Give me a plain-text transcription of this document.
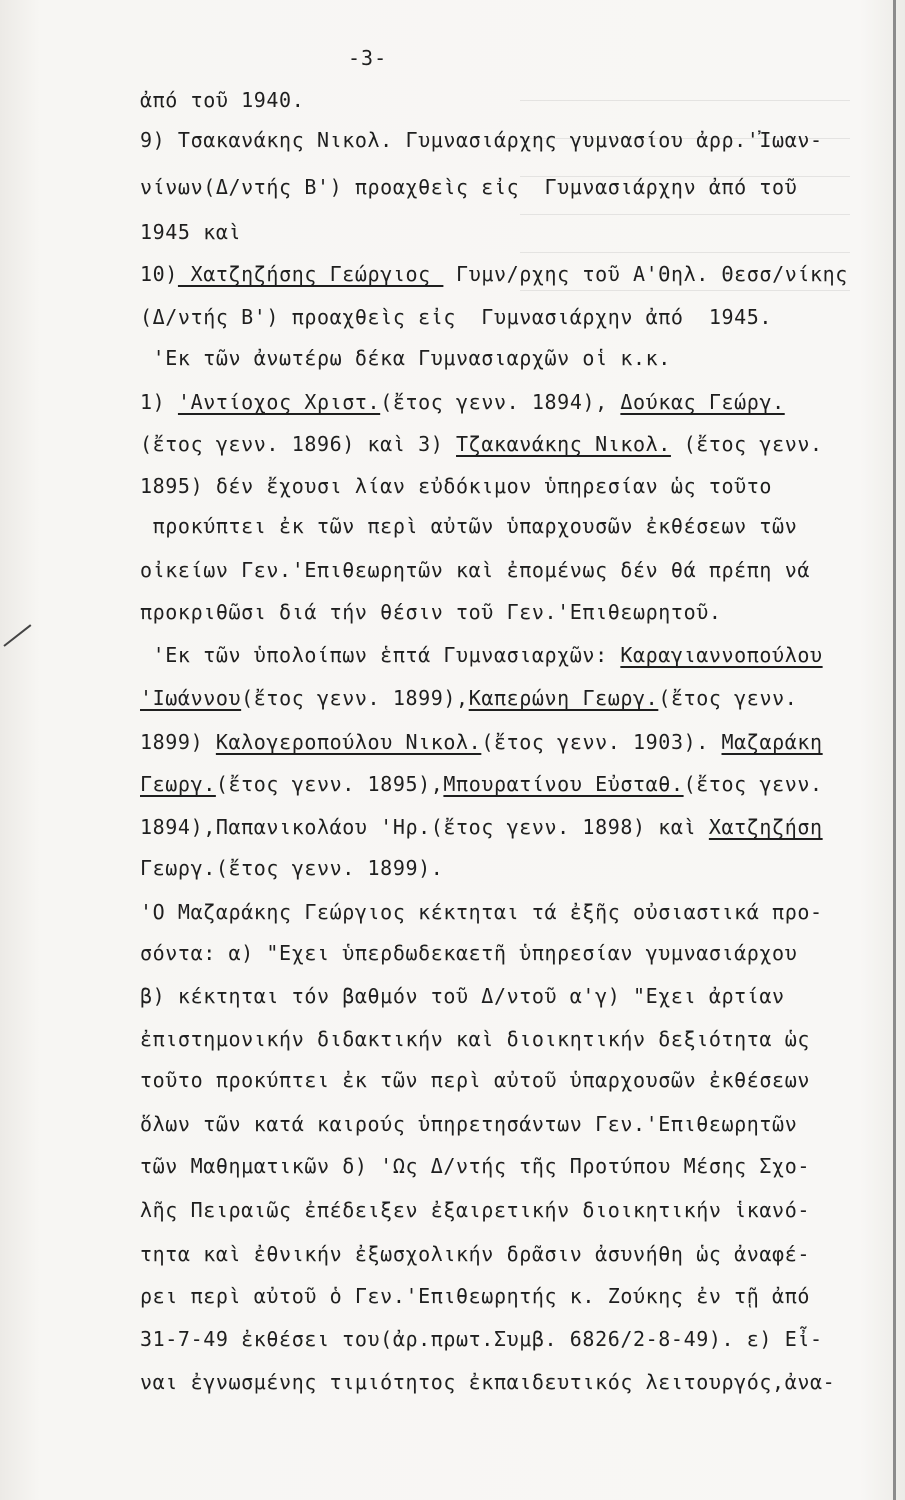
-3-
ἀπό τοῦ 1940.
9) Τσακανάκης Νικολ. Γυμνασιάρχης γυμνασίου ἀρρ.'Ἰωαν-
νίνων(Δ/ντής Β') προαχθεὶς εἰς  Γυμνασιάρχην ἀπό τοῦ
1945 καὶ
10) Χατζηζήσης Γεώργιος  Γυμν/ρχης τοῦ Α'Θηλ. Θεσσ/νίκης
(Δ/ντής Β') προαχθεὶς εἰς  Γυμνασιάρχην ἀπό  1945.
'Εκ τῶν ἀνωτέρω δέκα Γυμνασιαρχῶν οἱ κ.κ.
1) 'Αντίοχος Χριστ.(ἔτος γενν. 1894), Δούκας Γεώργ.
(ἔτος γενν. 1896) καὶ 3) Τζακανάκης Νικολ. (ἔτος γενν.
1895) δέν ἔχουσι λίαν εὐδόκιμον ὑπηρεσίαν ὡς τοῦτο
προκύπτει ἐκ τῶν περὶ αὐτῶν ὑπαρχουσῶν ἐκθέσεων τῶν
οἰκείων Γεν.'Επιθεωρητῶν καὶ ἐπομένως δέν θά πρέπη νά
προκριθῶσι διά τήν θέσιν τοῦ Γεν.'Επιθεωρητοῦ.
'Εκ τῶν ὑπολοίπων ἑπτά Γυμνασιαρχῶν: Καραγιαννοπούλου
'Ιωάννου(ἔτος γενν. 1899),Καπερώνη Γεωργ.(ἔτος γενν.
1899) Καλογεροπούλου Νικολ.(ἔτος γενν. 1903). Μαζαράκη
Γεωργ.(ἔτος γενν. 1895),Μπουρατίνου Εὐσταθ.(ἔτος γενν.
1894),Παπανικολάου 'Ηρ.(ἔτος γενν. 1898) καὶ Χατζηζήση
Γεωργ.(ἔτος γενν. 1899).
'Ο Μαζαράκης Γεώργιος κέκτηται τά ἐξῆς οὐσιαστικά προ-
σόντα: α) "Εχει ὑπερδωδεκαετῆ ὑπηρεσίαν γυμνασιάρχου
β) κέκτηται τόν βαθμόν τοῦ Δ/ντοῦ α'γ) "Εχει ἀρτίαν
ἐπιστημονικήν διδακτικήν καὶ διοικητικήν δεξιότητα ὡς
τοῦτο προκύπτει ἐκ τῶν περὶ αὐτοῦ ὑπαρχουσῶν ἐκθέσεων
ὅλων τῶν κατά καιρούς ὑπηρετησάντων Γεν.'Επιθεωρητῶν
τῶν Μαθηματικῶν δ) 'Ως Δ/ντής τῆς Προτύπου Μέσης Σχο-
λῆς Πειραιῶς ἐπέδειξεν ἐξαιρετικήν διοικητικήν ἱκανό-
τητα καὶ ἐθνικήν ἐξωσχολικήν δρᾶσιν ἀσυνήθη ὡς ἀναφέ-
ρει περὶ αὐτοῦ ὁ Γεν.'Επιθεωρητής κ. Ζούκης ἐν τῇ ἀπό
31-7-49 ἐκθέσει του(ἀρ.πρωτ.Συμβ. 6826/2-8-49). ε) Εἶ-
ναι ἐγνωσμένης τιμιότητος ἐκπαιδευτικός λειτουργός,ἀνα-
